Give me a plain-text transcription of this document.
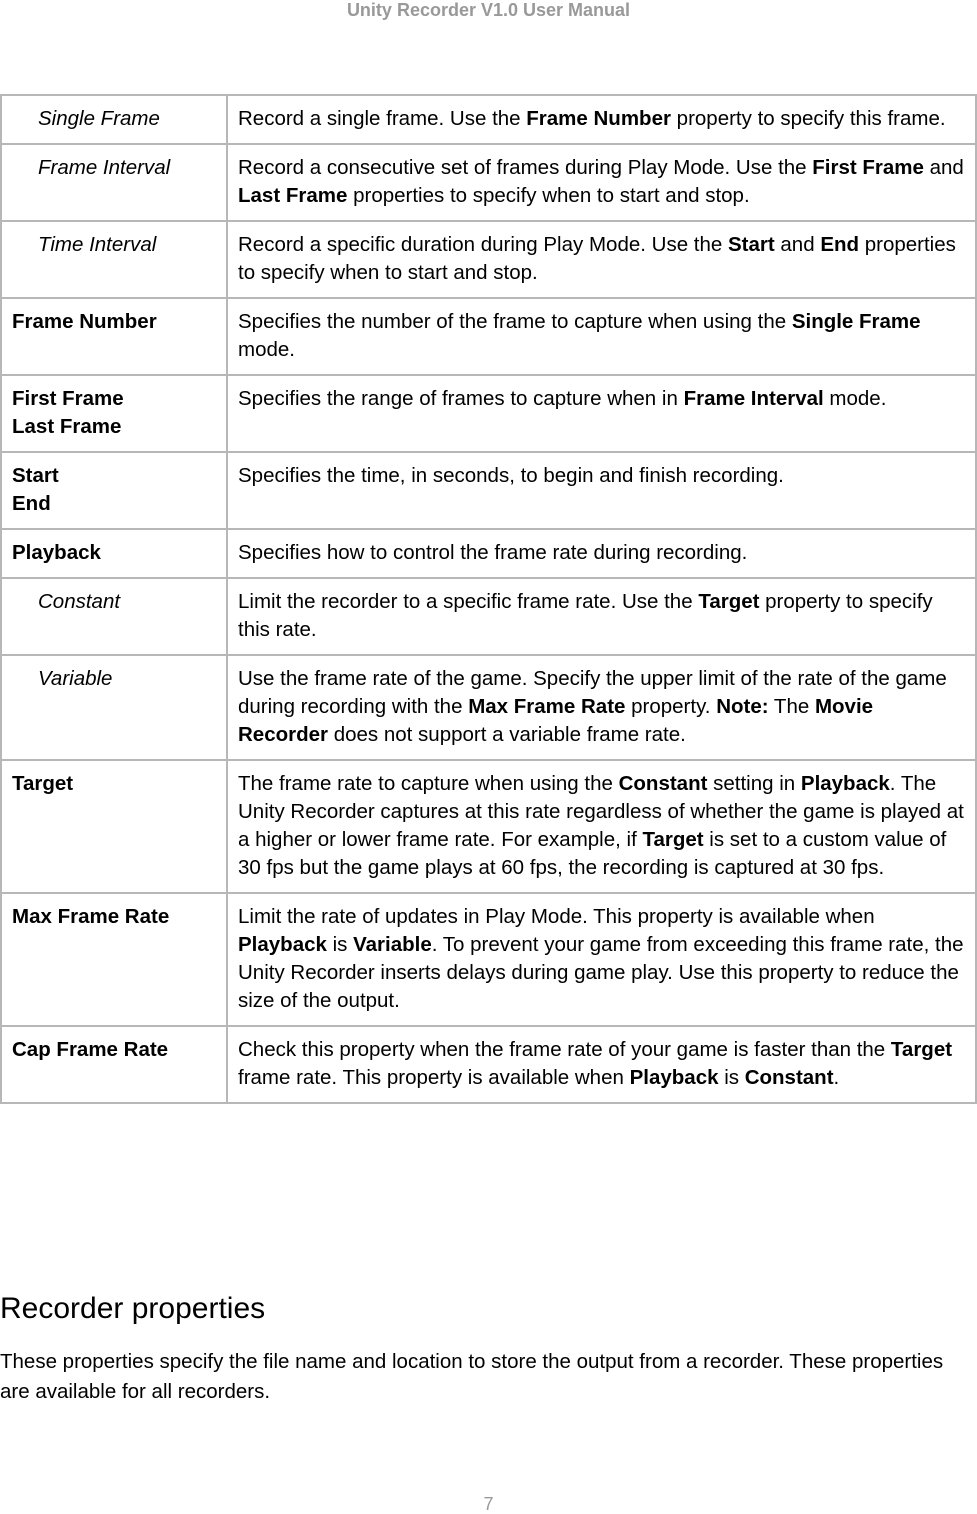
Unity Recorder V1.0 User Manual
Single Frame	Record a single frame. Use the Frame Number property to specify this frame.

Frame Interval	Record a consecutive set of frames during Play Mode. Use the First Frame and Last Frame properties to specify when to start and stop.

Time Interval	Record a specific duration during Play Mode. Use the Start and End properties to specify when to start and stop.

Frame Number	Specifies the number of the frame to capture when using the Single Frame mode.

First Frame
Last Frame	Specifies the range of frames to capture when in Frame Interval mode.

Start
End	Specifies the time, in seconds, to begin and finish recording.

Playback	Specifies how to control the frame rate during recording.

Constant	Limit the recorder to a specific frame rate. Use the Target property to specify this rate.

Variable	Use the frame rate of the game. Specify the upper limit of the rate of the game during recording with the Max Frame Rate property. Note: The Movie Recorder does not support a variable frame rate.

Target	The frame rate to capture when using the Constant setting in Playback. The Unity Recorder captures at this rate regardless of whether the game is played at a higher or lower frame rate. For example, if Target is set to a custom value of 30 fps but the game plays at 60 fps, the recording is captured at 30 fps.

Max Frame Rate	Limit the rate of updates in Play Mode. This property is available when Playback is Variable. To prevent your game from exceeding this frame rate, the Unity Recorder inserts delays during game play. Use this property to reduce the size of the output.

Cap Frame Rate	Check this property when the frame rate of your game is faster than the Target frame rate. This property is available when Playback is Constant.
Recorder properties

These properties specify the file name and location to store the output from a recorder. These properties are available for all recorders.

7
